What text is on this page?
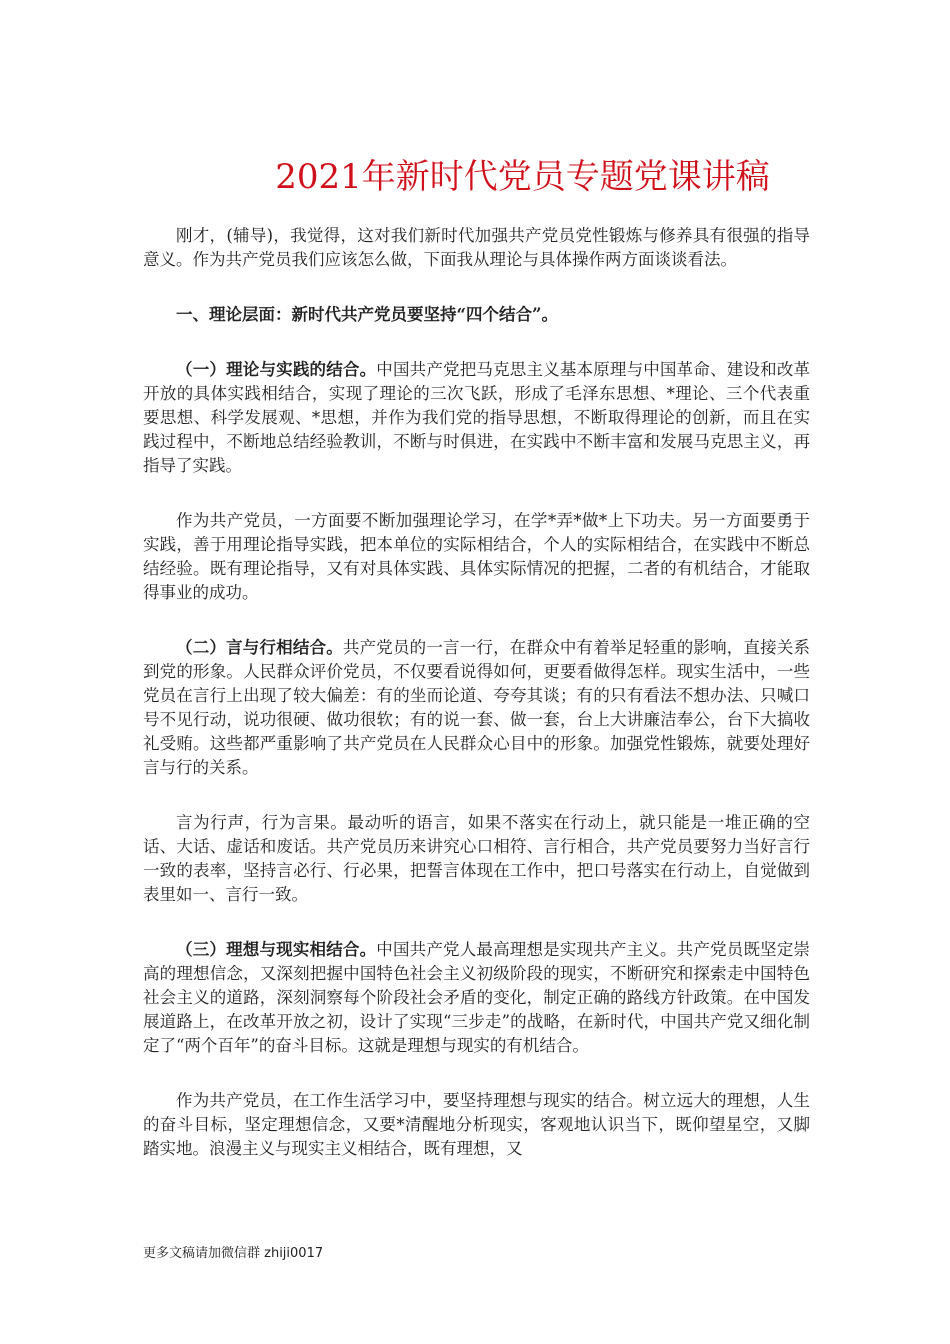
2021年新时代党员专题党课讲稿

刚才，(辅导)，我觉得，这对我们新时代加强共产党员党性锻炼与修养具有很强的指导意义。作为共产党员我们应该怎么做，下面我从理论与具体操作两方面谈谈看法。

一、理论层面：新时代共产党员要坚持“四个结合”。

（一）理论与实践的结合。中国共产党把马克思主义基本原理与中国革命、建设和改革开放的具体实践相结合，实现了理论的三次飞跃，形成了毛泽东思想、*理论、三个代表重要思想、科学发展观、*思想，并作为我们党的指导思想，不断取得理论的创新，而且在实践过程中，不断地总结经验教训，不断与时俱进，在实践中不断丰富和发展马克思主义，再指导了实践。

作为共产党员，一方面要不断加强理论学习，在学*弄*做*上下功夫。另一方面要勇于实践，善于用理论指导实践，把本单位的实际相结合，个人的实际相结合，在实践中不断总结经验。既有理论指导，又有对具体实践、具体实际情况的把握，二者的有机结合，才能取得事业的成功。

（二）言与行相结合。共产党员的一言一行，在群众中有着举足轻重的影响，直接关系到党的形象。人民群众评价党员，不仅要看说得如何，更要看做得怎样。现实生活中，一些党员在言行上出现了较大偏差：有的坐而论道、夸夸其谈；有的只有看法不想办法、只喊口号不见行动，说功很硬、做功很软；有的说一套、做一套，台上大讲廉洁奉公，台下大搞收礼受贿。这些都严重影响了共产党员在人民群众心目中的形象。加强党性锻炼，就要处理好言与行的关系。

言为行声，行为言果。最动听的语言，如果不落实在行动上，就只能是一堆正确的空话、大话、虚话和废话。共产党员历来讲究心口相符、言行相合，共产党员要努力当好言行一致的表率，坚持言必行、行必果，把誓言体现在工作中，把口号落实在行动上，自觉做到表里如一、言行一致。

（三）理想与现实相结合。中国共产党人最高理想是实现共产主义。共产党员既坚定崇高的理想信念，又深刻把握中国特色社会主义初级阶段的现实，不断研究和探索走中国特色社会主义的道路，深刻洞察每个阶段社会矛盾的变化，制定正确的路线方针政策。在中国发展道路上，在改革开放之初，设计了实现“三步走”的战略，在新时代，中国共产党又细化制定了“两个百年”的奋斗目标。这就是理想与现实的有机结合。

作为共产党员，在工作生活学习中，要坚持理想与现实的结合。树立远大的理想，人生的奋斗目标，坚定理想信念，又要*清醒地分析现实，客观地认识当下，既仰望星空，又脚踏实地。浪漫主义与现实主义相结合，既有理想，又

更多文稿请加微信群 zhiji0017
